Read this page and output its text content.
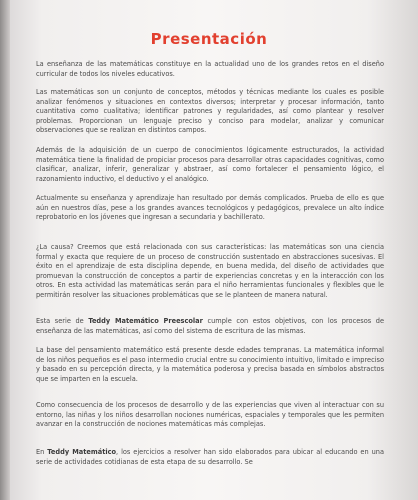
Presentación

La enseñanza de las matemáticas constituye en la actualidad uno de los grandes retos en el diseño curricular de todos los niveles educativos.

Las matemáticas son un conjunto de conceptos, métodos y técnicas mediante los cuales es posible analizar fenómenos y situaciones en contextos diversos; interpretar y procesar información, tanto cuantitativa como cualitativa; identificar patrones y regularidades, así como plantear y resolver problemas. Proporcionan un lenguaje preciso y conciso para modelar, analizar y comunicar observaciones que se realizan en distintos campos.

Además de la adquisición de un cuerpo de conocimientos lógicamente estructurados, la actividad matemática tiene la finalidad de propiciar procesos para desarrollar otras capacidades cognitivas, como clasificar, analizar, inferir, generalizar y abstraer, así como fortalecer el pensamiento lógico, el razonamiento inductivo, el deductivo y el analógico.

Actualmente su enseñanza y aprendizaje han resultado por demás complicados. Prueba de ello es que aún en nuestros días, pese a los grandes avances tecnológicos y pedagógicos, prevalece un alto índice reprobatorio en los jóvenes que ingresan a secundaria y bachillerato.

¿La causa? Creemos que está relacionada con sus características: las matemáticas son una ciencia formal y exacta que requiere de un proceso de construcción sustentado en abstracciones sucesivas. El éxito en el aprendizaje de esta disciplina depende, en buena medida, del diseño de actividades que promuevan la construcción de conceptos a partir de experiencias concretas y en la interacción con los otros. En esta actividad las matemáticas serán para el niño herramientas funcionales y flexibles que le permitirán resolver las situaciones problemáticas que se le planteen de manera natural.

Esta serie de Teddy Matemático Preescolar cumple con estos objetivos, con los procesos de enseñanza de las matemáticas, así como del sistema de escritura de las mismas.

La base del pensamiento matemático está presente desde edades tempranas. La matemática informal de los niños pequeños es el paso intermedio crucial entre su conocimiento intuitivo, limitado e impreciso y basado en su percepción directa, y la matemática poderosa y precisa basada en símbolos abstractos que se imparten en la escuela.

Como consecuencia de los procesos de desarrollo y de las experiencias que viven al interactuar con su entorno, las niñas y los niños desarrollan nociones numéricas, espaciales y temporales que les permiten avanzar en la construcción de nociones matemáticas más complejas.

En Teddy Matemático, los ejercicios a resolver han sido elaborados para ubicar al educando en una serie de actividades cotidianas de esta etapa de su desarrollo. Se
